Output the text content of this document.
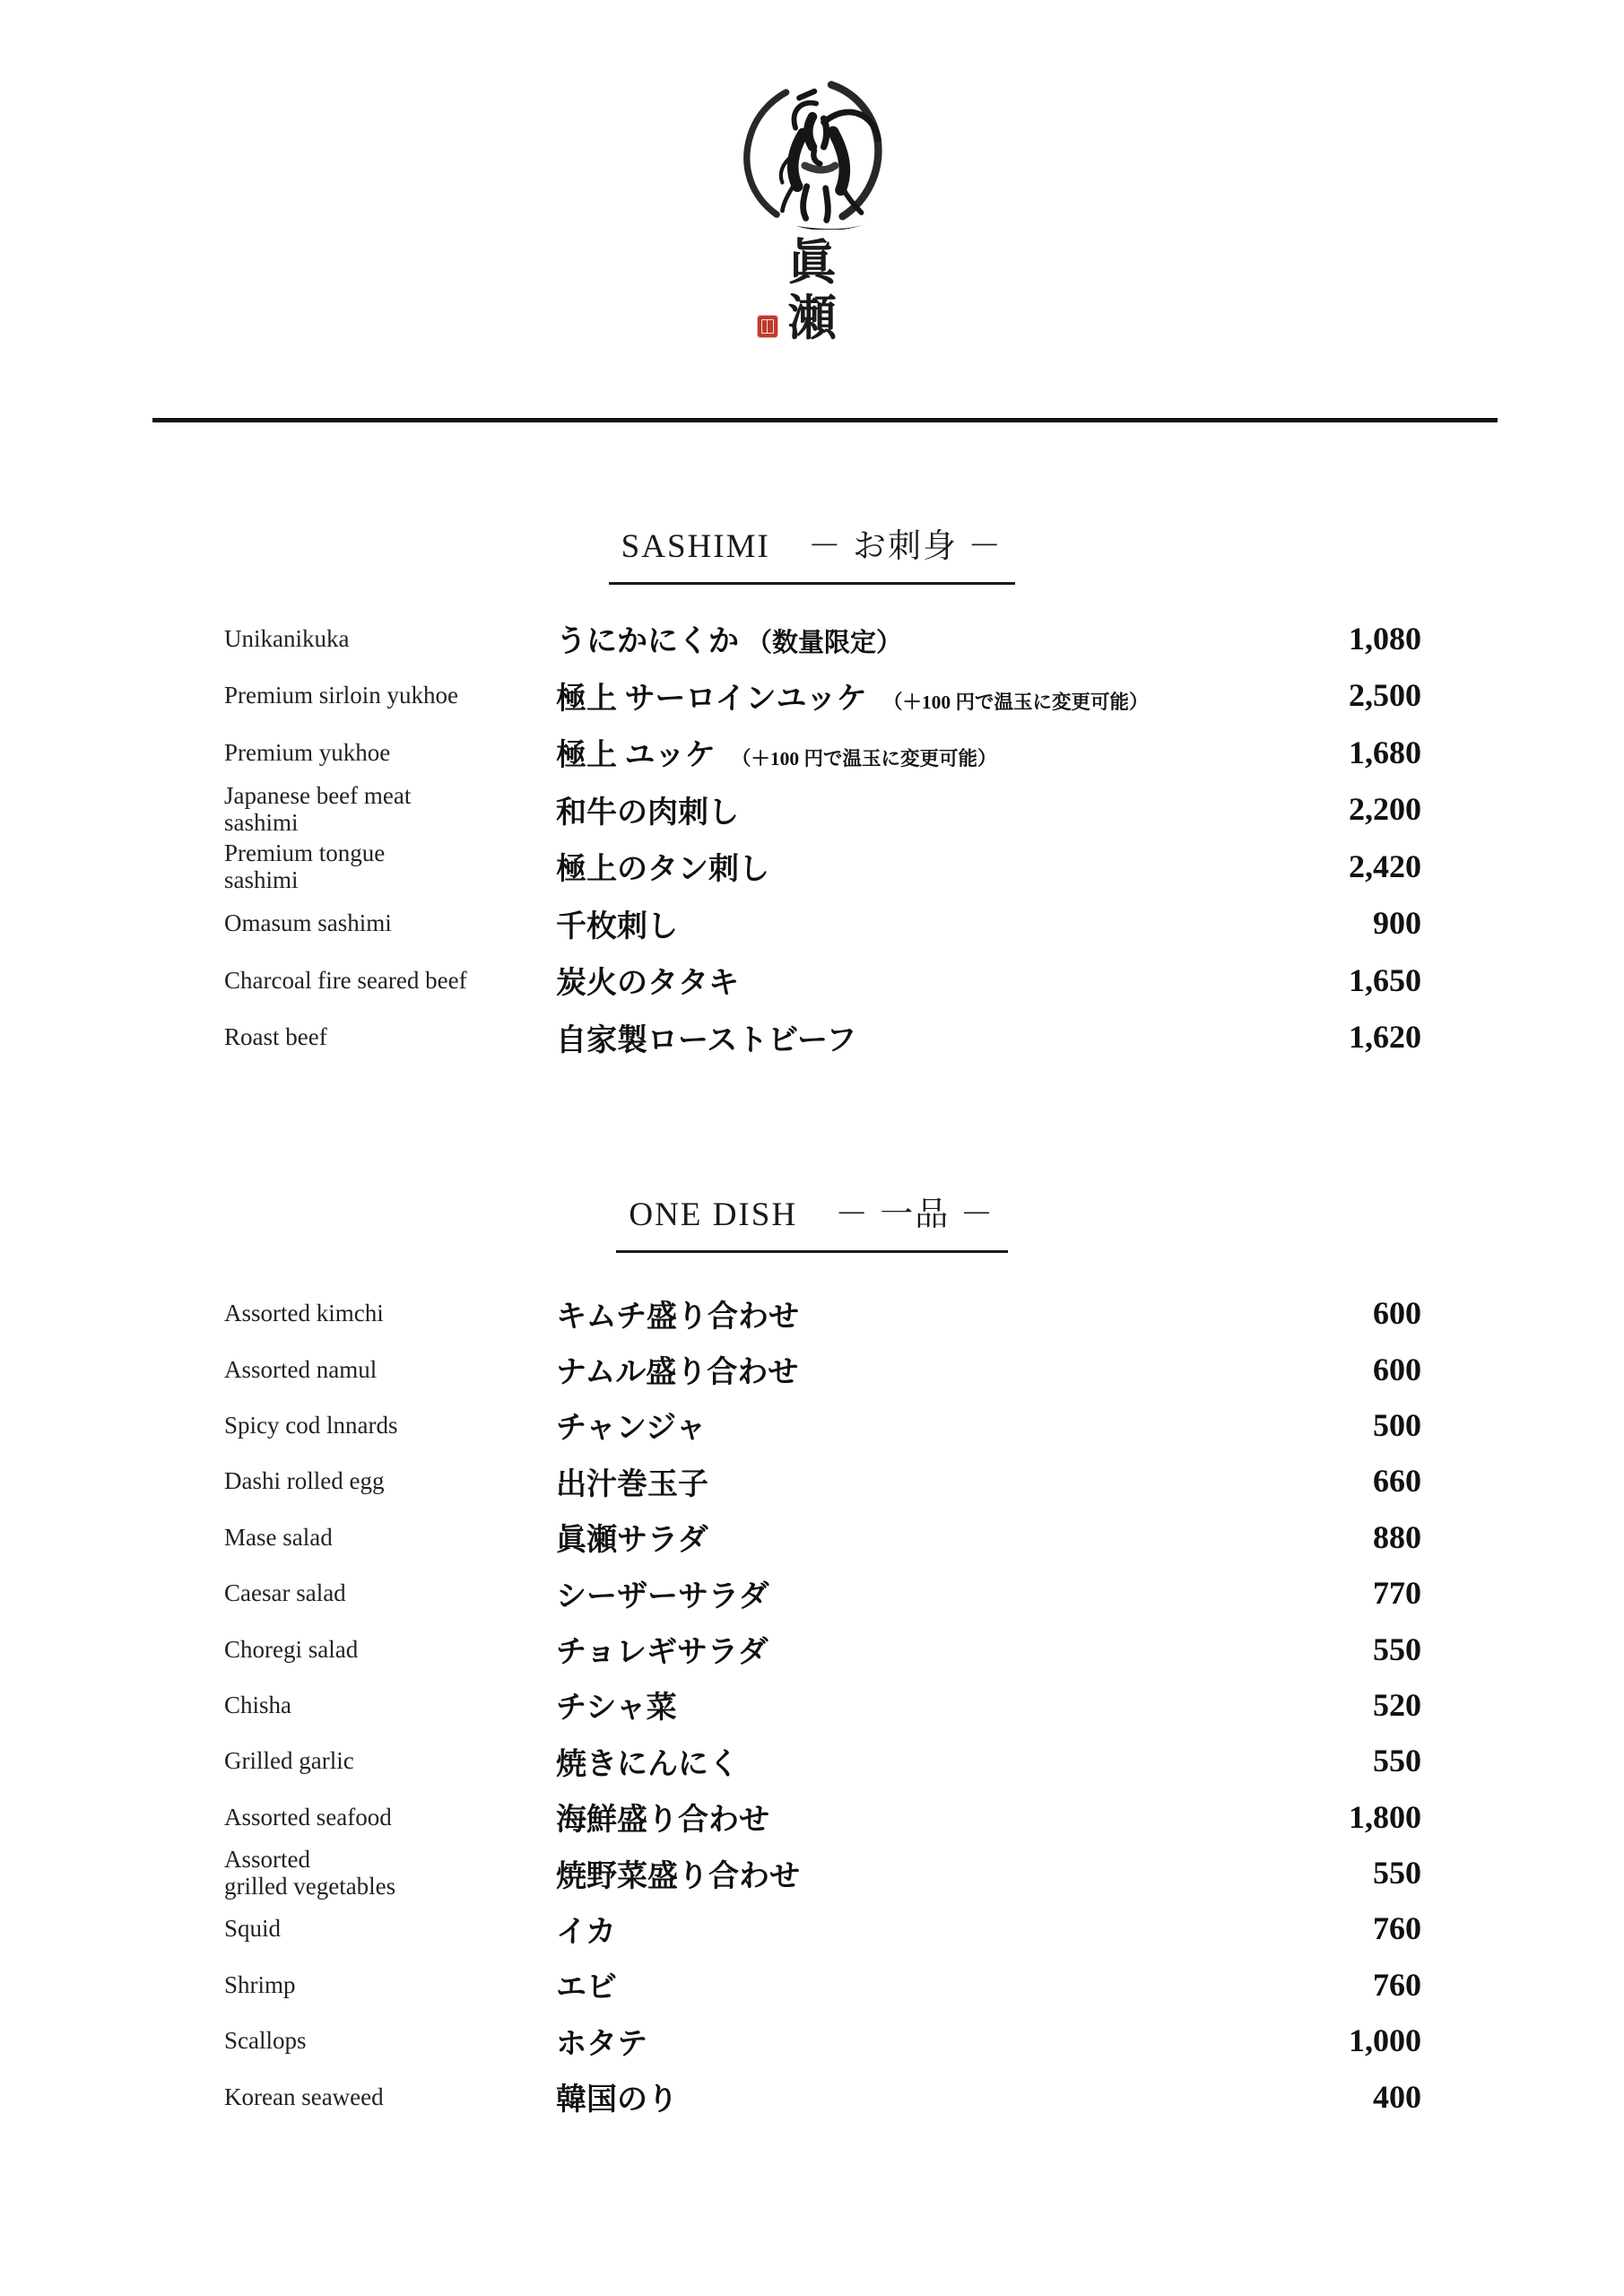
眞
瀬
SASHIMI － お刺身 －
Unikanikuka	うにかにくか （数量限定）	1,080
Premium sirloin yukhoe	極上 サーロインユッケ （＋100 円で温玉に変更可能）	2,500
Premium yukhoe	極上 ユッケ （＋100 円で温玉に変更可能）	1,680
Japanese beef meat
sashimi	和牛の肉刺し	2,200
Premium tongue
sashimi	極上のタン刺し	2,420
Omasum sashimi	千枚刺し	900
Charcoal fire seared beef	炭火のタタキ	1,650
Roast beef	自家製ローストビーフ	1,620
ONE DISH － 一品 －
Assorted kimchi	キムチ盛り合わせ	600
Assorted namul	ナムル盛り合わせ	600
Spicy cod lnnards	チャンジャ	500
Dashi rolled egg	出汁巻玉子	660
Mase salad	眞瀬サラダ	880
Caesar salad	シーザーサラダ	770
Choregi salad	チョレギサラダ	550
Chisha	チシャ菜	520
Grilled garlic	焼きにんにく	550
Assorted seafood	海鮮盛り合わせ	1,800
Assorted
grilled vegetables	焼野菜盛り合わせ	550
Squid	イカ	760
Shrimp	エビ	760
Scallops	ホタテ	1,000
Korean seaweed	韓国のり	400
